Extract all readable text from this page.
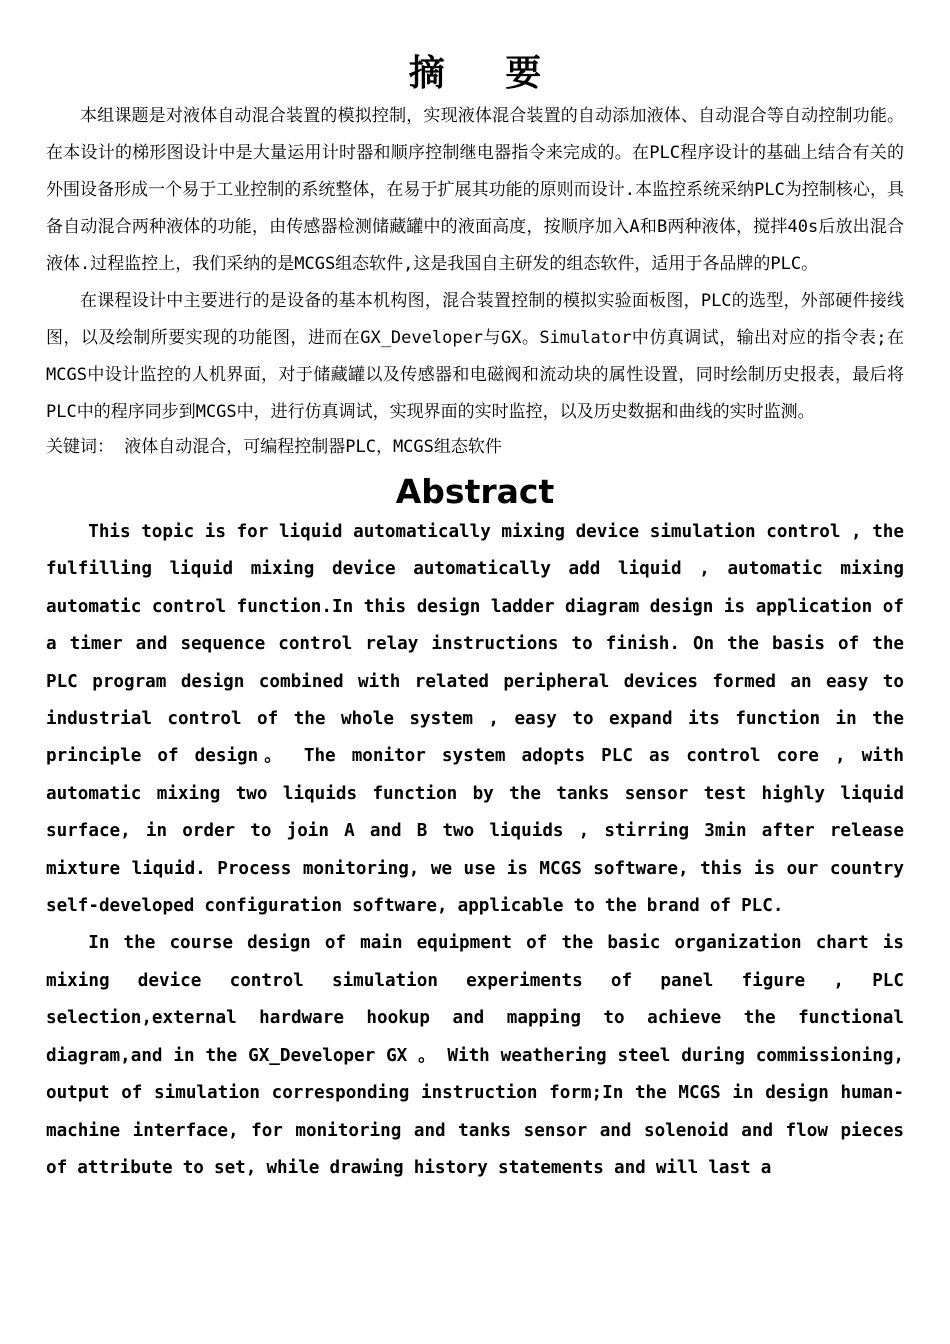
摘 要

本组课题是对液体自动混合装置的模拟控制，实现液体混合装置的自动添加液体、自动混合等自动控制功能。在本设计的梯形图设计中是大量运用计时器和顺序控制继电器指令来完成的。在PLC程序设计的基础上结合有关的外围设备形成一个易于工业控制的系统整体，在易于扩展其功能的原则而设计.本监控系统采纳PLC为控制核心，具备自动混合两种液体的功能，由传感器检测储藏罐中的液面高度，按顺序加入A和B两种液体，搅拌40s后放出混合液体.过程监控上，我们采纳的是MCGS组态软件,这是我国自主研发的组态软件，适用于各品牌的PLC。

在课程设计中主要进行的是设备的基本机构图，混合装置控制的模拟实验面板图，PLC的选型，外部硬件接线图，以及绘制所要实现的功能图，进而在GX_Developer与GX。Simulator中仿真调试，输出对应的指令表;在MCGS中设计监控的人机界面，对于储藏罐以及传感器和电磁阀和流动块的属性设置，同时绘制历史报表，最后将PLC中的程序同步到MCGS中，进行仿真调试，实现界面的实时监控，以及历史数据和曲线的实时监测。

关键词： 液体自动混合，可编程控制器PLC，MCGS组态软件

Abstract

This topic is for liquid automatically mixing device simulation control , the fulfilling liquid mixing device automatically add liquid , automatic mixing automatic control function.In this design ladder diagram design is application of a timer and sequence control relay instructions to finish. On the basis of the PLC program design combined with related peripheral devices formed an easy to industrial control of the whole system , easy to expand its function in the principle of design。 The monitor system adopts PLC as control core , with automatic mixing two liquids function by the tanks sensor test highly liquid surface, in order to join A and B two liquids , stirring 3min after release mixture liquid. Process monitoring, we use is MCGS software, this is our country self-developed configuration software, applicable to the brand of PLC.

In the course design of main equipment of the basic organization chart is mixing device control simulation experiments of panel figure , PLC selection,external hardware hookup and mapping to achieve the functional diagram,and in the GX_Developer GX 。 With weathering steel during commissioning, output of simulation corresponding instruction form;In the MCGS in design human-machine interface, for monitoring and tanks sensor and solenoid and flow pieces of attribute to set, while drawing history statements and will last a
